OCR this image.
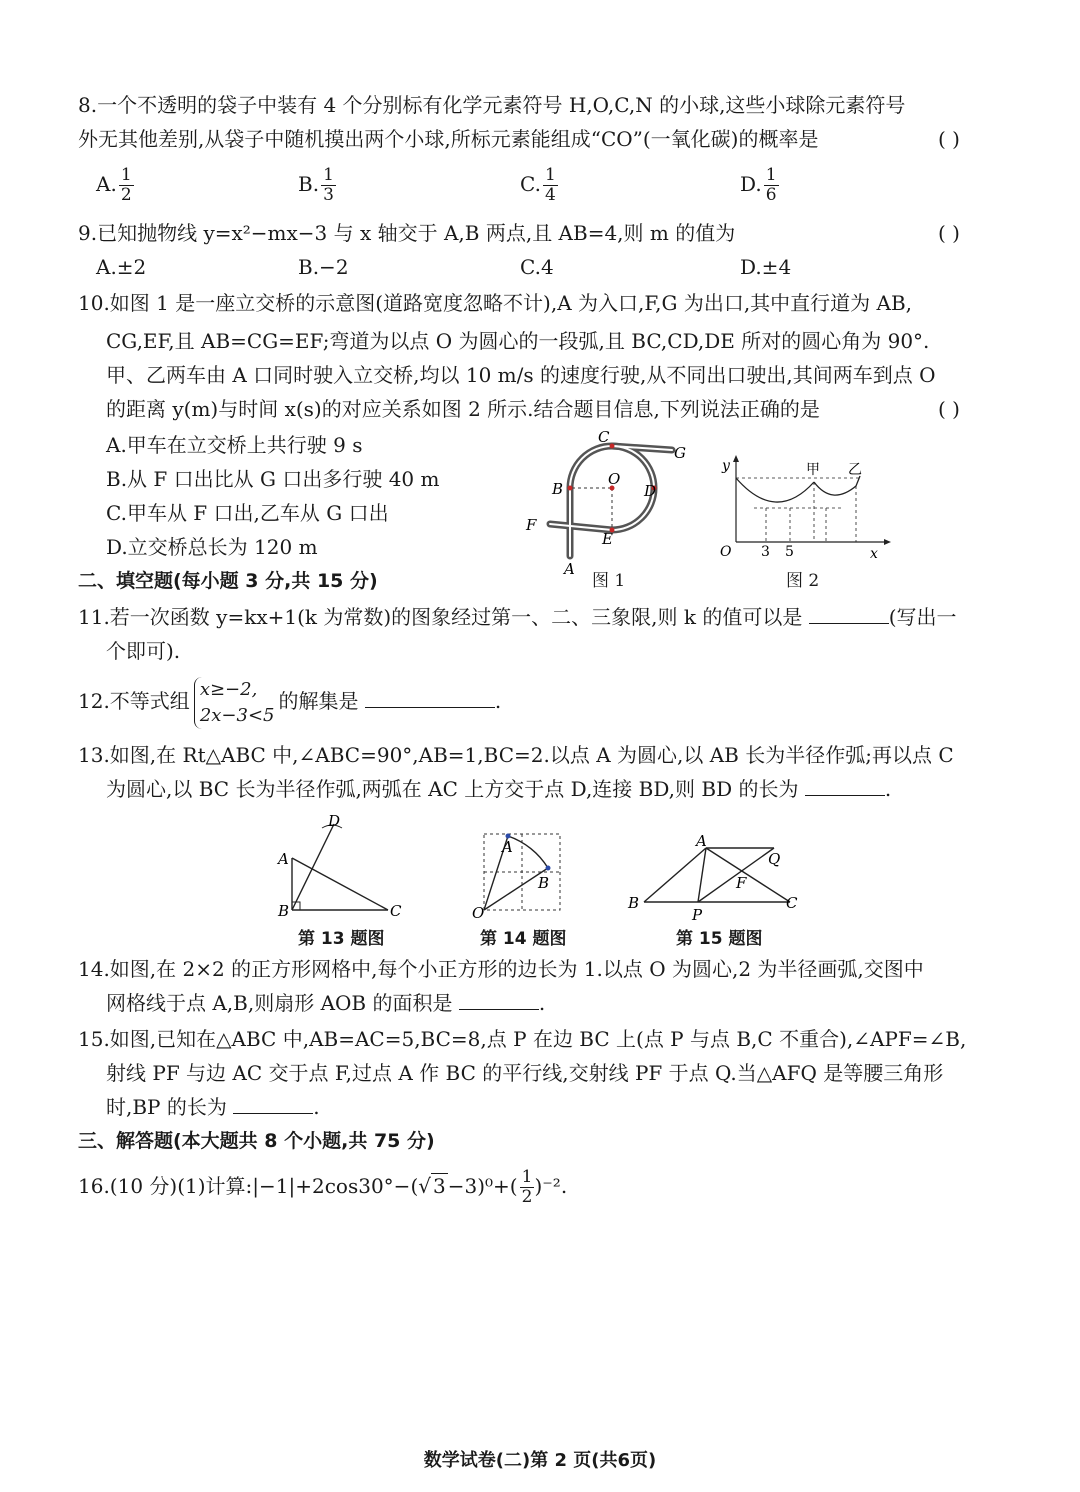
8.一个不透明的袋子中装有 4 个分别标有化学元素符号 H,O,C,N 的小球,这些小球除元素符号
外无其他差别,从袋子中随机摸出两个小球,所标元素能组成“CO”(一氧化碳)的概率是	( )
A. $\frac{1}{2}$	B. $\frac{1}{3}$	C. $\frac{1}{4}$	D. $\frac{1}{6}$
9.已知抛物线 y=x²−mx−3 与 x 轴交于 A,B 两点,且 AB=4,则 m 的值为	( )
A.±2	B.−2	C.4	D.±4
10.如图 1 是一座立交桥的示意图(道路宽度忽略不计),A 为入口,F,G 为出口,其中直行道为 AB,
CG,EF,且 AB=CG=EF;弯道为以点 O 为圆心的一段弧,且 BC,CD,DE 所对的圆心角为 90°.
甲、乙两车由 A 口同时驶入立交桥,均以 10 m/s 的速度行驶,从不同出口驶出,其间两车到点 O
的距离 y(m)与时间 x(s)的对应关系如图 2 所示.结合题目信息,下列说法正确的是	( )
A.甲车在立交桥上共行驶 9 s
B.从 F 口出比从 G 口出多行驶 40 m
C.甲车从 F 口出,乙车从 G 口出
D.立交桥总长为 120 m
C
G
B
O
D
F
E
A
图 1
y
x
O 3 5
甲 乙
图 2
二、填空题(每小题 3 分,共 15 分)
11.若一次函数 y=kx+1(k 为常数)的图象经过第一、二、三象限,则 k 的值可以是	(写出一
个即可).
12.不等式组 x≥−2,
2x−3<5
的解集是	.
13.如图,在 Rt△ABC 中,∠ABC=90°,AB=1,BC=2.以点 A 为圆心,以 AB 长为半径作弧;再以点 C
为圆心,以 BC 长为半径作弧,两弧在 AC 上方交于点 D,连接 BD,则 BD 的长为	.
A
B	C
D
第 13 题图
A
B
O
第 14 题图
A
B	C
P
Q
F
第 15 题图
14.如图,在 2×2 的正方形网格中,每个小正方形的边长为 1.以点 O 为圆心,2 为半径画弧,交图中
网格线于点 A,B,则扇形 AOB 的面积是	.
15.如图,已知在△ABC 中,AB=AC=5,BC=8,点 P 在边 BC 上(点 P 与点 B,C 不重合),∠APF=∠B,
射线 PF 与边 AC 交于点 F,过点 A 作 BC 的平行线,交射线 PF 于点 Q.当△AFQ 是等腰三角形
时,BP 的长为	.
三、解答题(本大题共 8 个小题,共 75 分)
16.(10 分)(1)计算:|−1|+2cos30°−(√ $3 -3)^0+( \frac{1}{2} )^{-2}$.
数学试卷(二)第 2 页(共6页)
